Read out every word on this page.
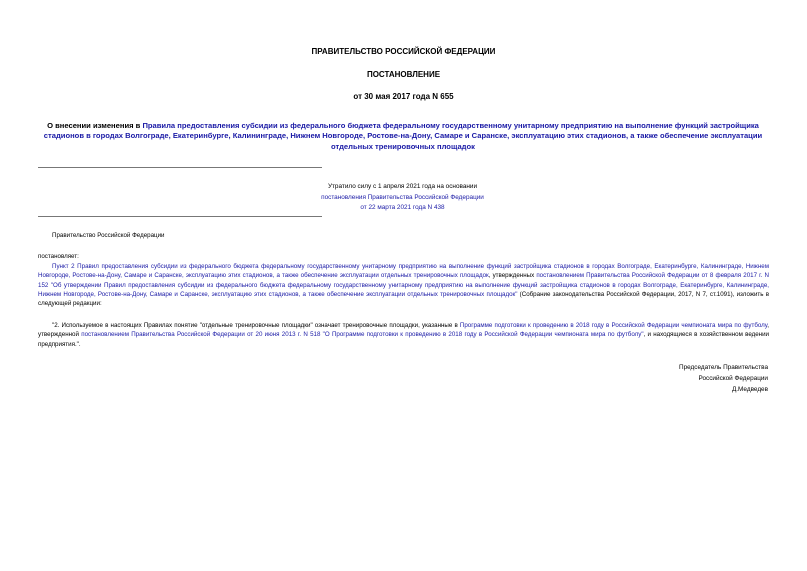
ПРАВИТЕЛЬСТВО РОССИЙСКОЙ ФЕДЕРАЦИИ
ПОСТАНОВЛЕНИЕ
от 30 мая 2017 года N 655
О внесении изменения в Правила предоставления субсидии из федерального бюджета федеральному государственному унитарному предприятию на выполнение функций застройщика стадионов в городах Волгограде, Екатеринбурге, Калининграде, Нижнем Новгороде, Ростове-на-Дону, Самаре и Саранске, эксплуатацию этих стадионов, а также обеспечение эксплуатации отдельных тренировочных площадок
Утратило силу с 1 апреля 2021 года на основании
постановления Правительства Российской Федерации
от 22 марта 2021 года N 438
Правительство Российской Федерации
постановляет:
Пункт 2 Правил предоставления субсидии из федерального бюджета федеральному государственному унитарному предприятию на выполнение функций застройщика стадионов в городах Волгограде, Екатеринбурге, Калининграде, Нижнем Новгороде, Ростове-на-Дону, Самаре и Саранске, эксплуатацию этих стадионов, а также обеспечение эксплуатации отдельных тренировочных площадок, утвержденных постановлением Правительства Российской Федерации от 8 февраля 2017 г. N 152 "Об утверждении Правил предоставления субсидии из федерального бюджета федеральному государственному унитарному предприятию на выполнение функций застройщика стадионов в городах Волгограде, Екатеринбурге, Калининграде, Нижнем Новгороде, Ростове-на-Дону, Самаре и Саранске, эксплуатацию этих стадионов, а также обеспечение эксплуатации отдельных тренировочных площадок" (Собрание законодательства Российской Федерации, 2017, N 7, ст.1091), изложить в следующей редакции:
"2. Используемое в настоящих Правилах понятие "отдельные тренировочные площадки" означает тренировочные площадки, указанные в Программе подготовки к проведению в 2018 году в Российской Федерации чемпионата мира по футболу, утвержденной постановлением Правительства Российской Федерации от 20 июня 2013 г. N 518 "О Программе подготовки к проведению в 2018 году в Российской Федерации чемпионата мира по футболу", и находящиеся в хозяйственном ведении предприятия.".
Председатель Правительства
Российской Федерации
Д.Медведев
